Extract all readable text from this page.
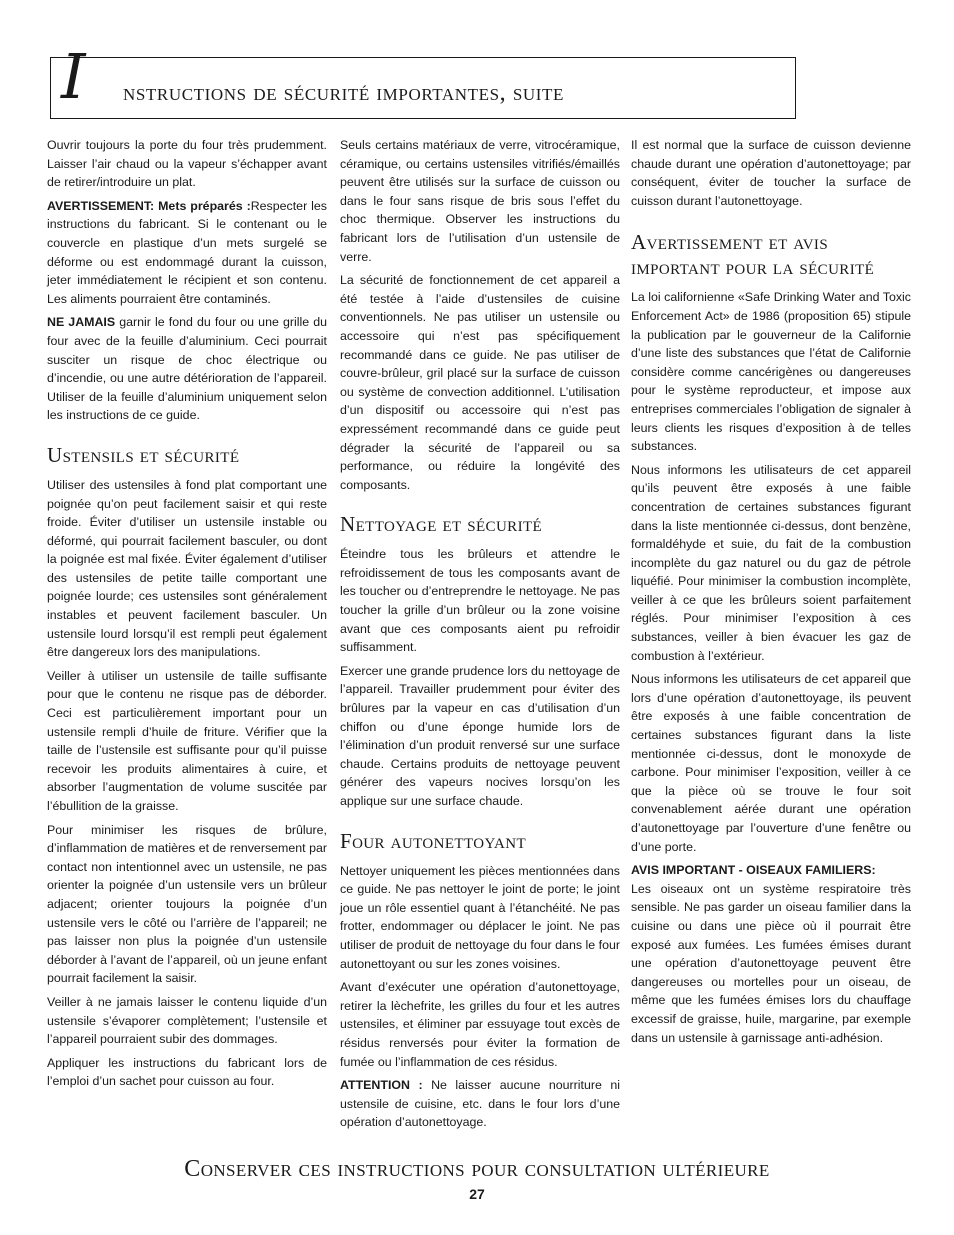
I nstructions de sécurité importantes, suite

Ouvrir toujours la porte du four très prudemment. Laisser l’air chaud ou la vapeur s’échapper avant de retirer/introduire un plat.

AVERTISSEMENT: Mets préparés :Respecter les instructions du fabricant. Si le contenant ou le couvercle en plastique d’un mets surgelé se déforme ou est endommagé durant la cuisson, jeter immédiatement le récipient et son contenu. Les aliments pourraient être contaminés.

NE JAMAIS garnir le fond du four ou une grille du four avec de la feuille d’aluminium. Ceci pourrait susciter un risque de choc électrique ou d’incendie, ou une autre détérioration de l’appareil. Utiliser de la feuille d’aluminium uniquement selon les instructions de ce guide.

Ustensils et sécurité

Utiliser des ustensiles à fond plat comportant une poignée qu’on peut facilement saisir et qui reste froide. Éviter d’utiliser un ustensile instable ou déformé, qui pourrait facilement basculer, ou dont la poignée est mal fixée. Éviter également d’utiliser des ustensiles de petite taille comportant une poignée lourde; ces ustensiles sont généralement instables et peuvent facilement basculer. Un ustensile lourd lorsqu’il est rempli peut également être dangereux lors des manipulations.

Veiller à utiliser un ustensile de taille suffisante pour que le contenu ne risque pas de déborder. Ceci est particulièrement important pour un ustensile rempli d’huile de friture. Vérifier que la taille de l’ustensile est suffisante pour qu’il puisse recevoir les produits alimentaires à cuire, et absorber l’augmentation de volume suscitée par l’ébullition de la graisse.

Pour minimiser les risques de brûlure, d’inflammation de matières et de renversement par contact non intentionnel avec un ustensile, ne pas orienter la poignée d’un ustensile vers un brûleur adjacent; orienter toujours la poignée d’un ustensile vers le côté ou l’arrière de l’appareil; ne pas laisser non plus la poignée d’un ustensile déborder à l’avant de l’appareil, où un jeune enfant pourrait facilement la saisir.

Veiller à ne jamais laisser le contenu liquide d’un ustensile s’évaporer complètement; l’ustensile et l’appareil pourraient subir des dommages.

Appliquer les instructions du fabricant lors de l’emploi d’un sachet pour cuisson au four.

Seuls certains matériaux de verre, vitrocéramique, céramique, ou certains ustensiles vitrifiés/émaillés peuvent être utilisés sur la surface de cuisson ou dans le four sans risque de bris sous l’effet du choc thermique. Observer les instructions du fabricant lors de l’utilisation d’un ustensile de verre.

La sécurité de fonctionnement de cet appareil a été testée à l’aide d’ustensiles de cuisine conventionnels. Ne pas utiliser un ustensile ou accessoire qui n’est pas spécifiquement recommandé dans ce guide. Ne pas utiliser de couvre-brûleur, gril placé sur la surface de cuisson ou système de convection additionnel. L’utilisation d’un dispositif ou accessoire qui n’est pas expressément recommandé dans ce guide peut dégrader la sécurité de l’appareil ou sa performance, ou réduire la longévité des composants.

Nettoyage et sécurité

Éteindre tous les brûleurs et attendre le refroidissement de tous les composants avant de les toucher ou d’entreprendre le nettoyage. Ne pas toucher la grille d’un brûleur ou la zone voisine avant que ces composants aient pu refroidir suffisamment.

Exercer une grande prudence lors du nettoyage de l’appareil. Travailler prudemment pour éviter des brûlures par la vapeur en cas d’utilisation d’un chiffon ou d’une éponge humide lors de l’élimination d’un produit renversé sur une surface chaude. Certains produits de nettoyage peuvent générer des vapeurs nocives lorsqu’on les applique sur une surface chaude.

Four autonettoyant

Nettoyer uniquement les pièces mentionnées dans ce guide. Ne pas nettoyer le joint de porte; le joint joue un rôle essentiel quant à l’étanchéité. Ne pas frotter, endommager ou déplacer le joint. Ne pas utiliser de produit de nettoyage du four dans le four autonettoyant ou sur les zones voisines.

Avant d’exécuter une opération d’autonettoyage, retirer la lèchefrite, les grilles du four et les autres ustensiles, et éliminer par essuyage tout excès de résidus renversés pour éviter la formation de fumée ou l’inflammation de ces résidus.

ATTENTION : Ne laisser aucune nourriture ni ustensile de cuisine, etc. dans le four lors d’une opération d’autonettoyage.

Il est normal que la surface de cuisson devienne chaude durant une opération d’autonettoyage; par conséquent, éviter de toucher la surface de cuisson durant l’autonettoyage.

Avertissement et avis important pour la sécurité

La loi californienne «Safe Drinking Water and Toxic Enforcement Act» de 1986 (proposition 65) stipule la publication par le gouverneur de la Californie d’une liste des substances que l’état de Californie considère comme cancérigènes ou dangereuses pour le système reproducteur, et impose aux entreprises commerciales l’obligation de signaler à leurs clients les risques d’exposition à de telles substances.

Nous informons les utilisateurs de cet appareil qu’ils peuvent être exposés à une faible concentration de certaines substances figurant dans la liste mentionnée ci-dessus, dont benzène, formaldéhyde et suie, du fait de la combustion incomplète du gaz naturel ou du gaz de pétrole liquéfié. Pour minimiser la combustion incomplète, veiller à ce que les brûleurs soient parfaitement réglés. Pour minimiser l’exposition à ces substances, veiller à bien évacuer les gaz de combustion à l’extérieur.

Nous informons les utilisateurs de cet appareil que lors d’une opération d’autonettoyage, ils peuvent être exposés à une faible concentration de certaines substances figurant dans la liste mentionnée ci-dessus, dont le monoxyde de carbone. Pour minimiser l’exposition, veiller à ce que la pièce où se trouve le four soit convenablement aérée durant une opération d’autonettoyage par l’ouverture d’une fenêtre ou d’une porte.

AVIS IMPORTANT - OISEAUX FAMILIERS:
Les oiseaux ont un système respiratoire très sensible. Ne pas garder un oiseau familier dans la cuisine ou dans une pièce où il pourrait être exposé aux fumées. Les fumées émises durant une opération d’autonettoyage peuvent être dangereuses ou mortelles pour un oiseau, de même que les fumées émises lors du chauffage excessif de graisse, huile, margarine, par exemple dans un ustensile à garnissage anti-adhésion.

Conserver ces instructions pour consultation ultérieure
27
